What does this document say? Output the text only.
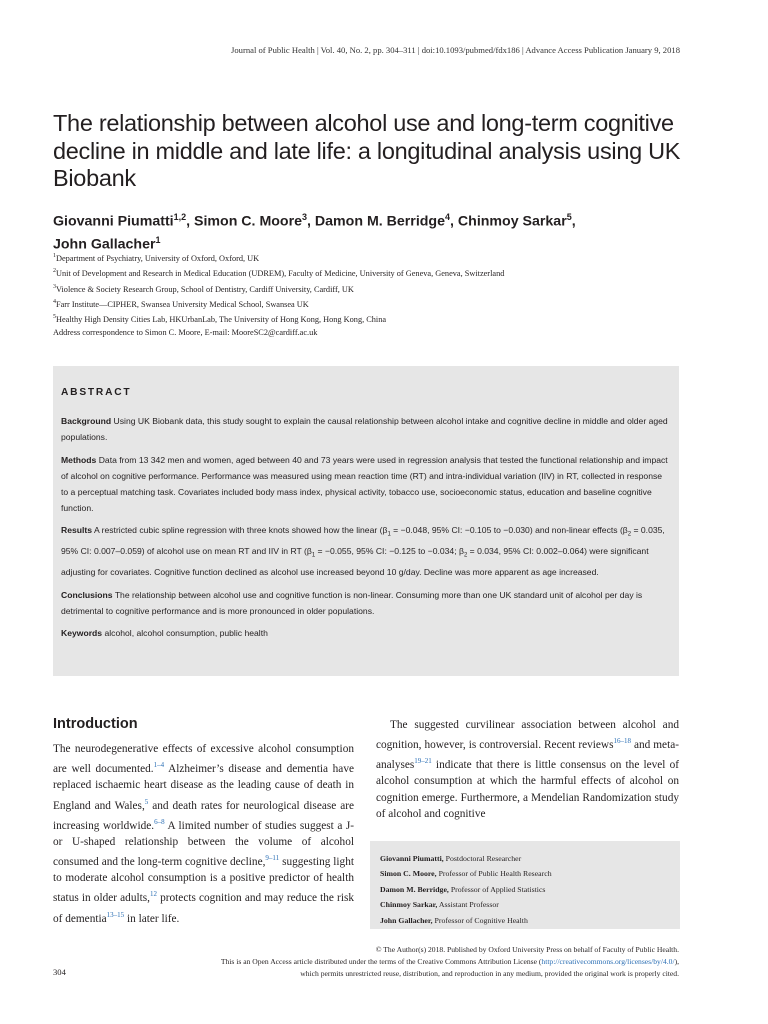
Journal of Public Health | Vol. 40, No. 2, pp. 304–311 | doi:10.1093/pubmed/fdx186 | Advance Access Publication January 9, 2018
The relationship between alcohol use and long-term cognitive decline in middle and late life: a longitudinal analysis using UK Biobank
Giovanni Piumatti$^{1,2}$, Simon C. Moore$^3$, Damon M. Berridge$^4$, Chinmoy Sarkar$^5$,
John Gallacher$^1$
$^1$Department of Psychiatry, University of Oxford, Oxford, UK
$^2$Unit of Development and Research in Medical Education (UDREM), Faculty of Medicine, University of Geneva, Geneva, Switzerland
$^3$Violence & Society Research Group, School of Dentistry, Cardiff University, Cardiff, UK
$^4$Farr Institute—CIPHER, Swansea University Medical School, Swansea UK
$^5$Healthy High Density Cities Lab, HKUrbanLab, The University of Hong Kong, Hong Kong, China
Address correspondence to Simon C. Moore, E-mail: MooreSC2@cardiff.ac.uk
ABSTRACT

Background Using UK Biobank data, this study sought to explain the causal relationship between alcohol intake and cognitive decline in middle and older aged populations.

Methods Data from 13 342 men and women, aged between 40 and 73 years were used in regression analysis that tested the functional relationship and impact of alcohol on cognitive performance. Performance was measured using mean reaction time (RT) and intra-individual variation (IIV) in RT, collected in response to a perceptual matching task. Covariates included body mass index, physical activity, tobacco use, socioeconomic status, education and baseline cognitive function.

Results A restricted cubic spline regression with three knots showed how the linear ($\beta_1 = -0.048$, 95% CI: −0.105 to −0.030) and non-linear effects ($\beta_2 = 0.035$, 95% CI: 0.007–0.059) of alcohol use on mean RT and IIV in RT ($\beta_1 = -0.055$, 95% CI: −0.125 to −0.034; $\beta_2 = 0.034$, 95% CI: 0.002–0.064) were significant adjusting for covariates. Cognitive function declined as alcohol use increased beyond 10 g/day. Decline was more apparent as age increased.

Conclusions The relationship between alcohol use and cognitive function is non-linear. Consuming more than one UK standard unit of alcohol per day is detrimental to cognitive performance and is more pronounced in older populations.

Keywords alcohol, alcohol consumption, public health

Introduction
The neurodegenerative effects of excessive alcohol consumption are well documented.$^{1-4}$ Alzheimer’s disease and dementia have replaced ischaemic heart disease as the leading cause of death in England and Wales,$^5$ and death rates for neurological disease are increasing worldwide.$^{6-8}$ A limited number of studies suggest a J- or U-shaped relationship between the volume of alcohol consumed and the long-term cognitive decline,$^{9-11}$ suggesting light to moderate alcohol consumption is a positive predictor of health status in older adults,$^{12}$ protects cognition and may reduce the risk of dementia$^{13-15}$ in later life.
The suggested curvilinear association between alcohol and cognition, however, is controversial. Recent reviews$^{16-18}$ and meta-analyses$^{19-21}$ indicate that there is little consensus on the level of alcohol consumption at which the harmful effects of alcohol on cognition emerge. Furthermore, a Mendelian Randomization study of alcohol and cognitive
Giovanni Piumatti, Postdoctoral Researcher
Simon C. Moore, Professor of Public Health Research
Damon M. Berridge, Professor of Applied Statistics
Chinmoy Sarkar, Assistant Professor
John Gallacher, Professor of Cognitive Health
© The Author(s) 2018. Published by Oxford University Press on behalf of Faculty of Public Health.
This is an Open Access article distributed under the terms of the Creative Commons Attribution License (http://creativecommons.org/licenses/by/4.0/),
which permits unrestricted reuse, distribution, and reproduction in any medium, provided the original work is properly cited.
304
